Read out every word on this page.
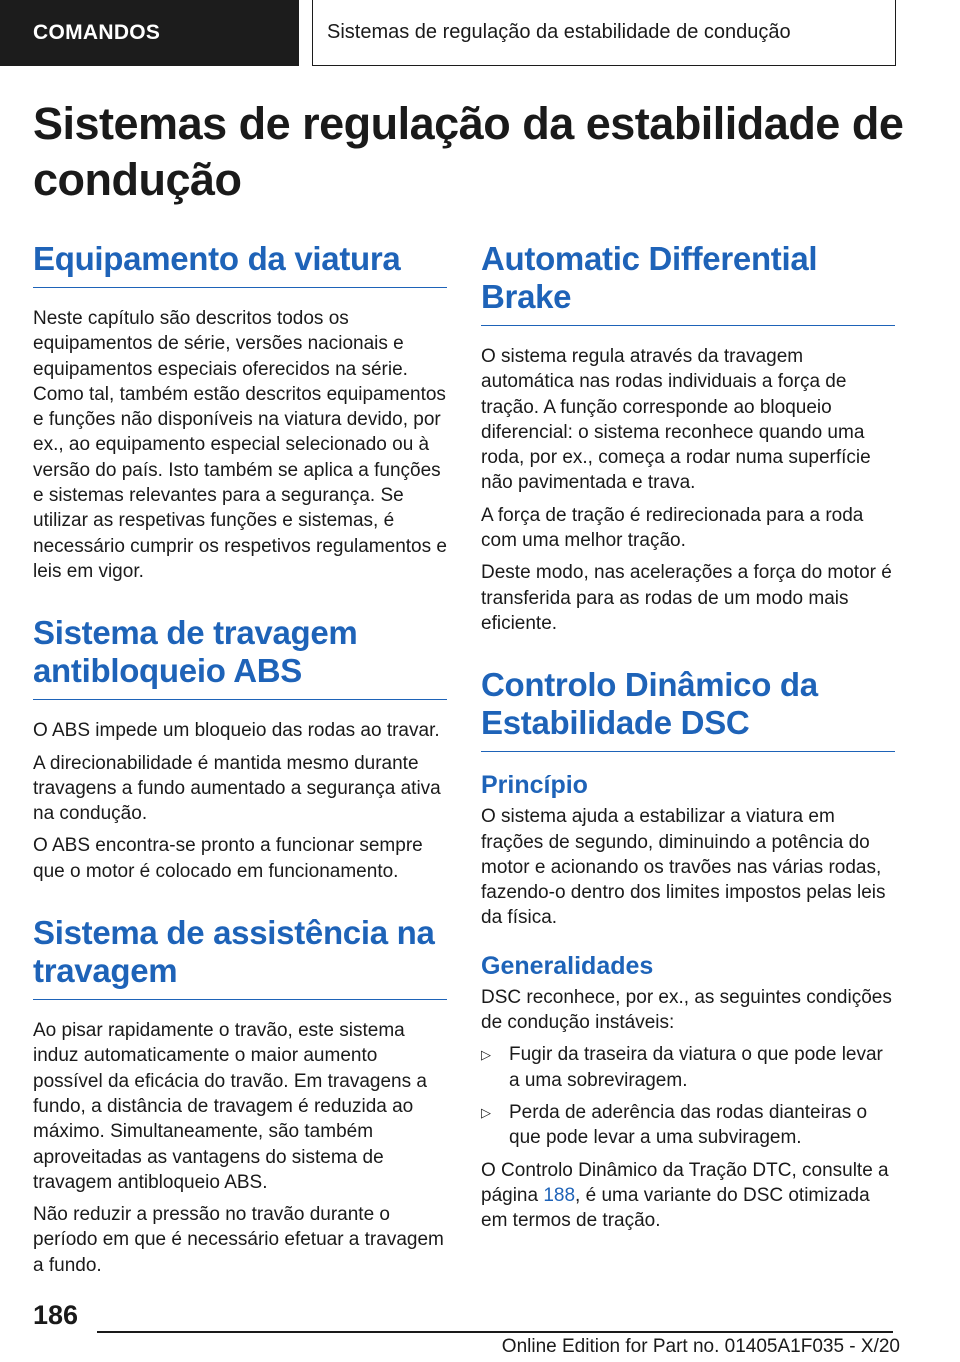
COMANDOS	Sistemas de regulação da estabilidade de condução
Sistemas de regulação da estabilidade de condução
Equipamento da viatura

Neste capítulo são descritos todos os equipamentos de série, versões nacionais e equipamentos especiais oferecidos na série. Como tal, também estão descritos equipamentos e funções não disponíveis na viatura devido, por ex., ao equipamento especial selecionado ou à versão do país. Isto também se aplica a funções e sistemas relevantes para a segurança. Se utilizar as respetivas funções e sistemas, é necessário cumprir os respetivos regulamentos e leis em vigor.

Sistema de travagem antibloqueio ABS

O ABS impede um bloqueio das rodas ao travar.

A direcionabilidade é mantida mesmo durante travagens a fundo aumentado a segurança ativa na condução.

O ABS encontra-se pronto a funcionar sempre que o motor é colocado em funcionamento.

Sistema de assistência na travagem

Ao pisar rapidamente o travão, este sistema induz automaticamente o maior aumento possível da eficácia do travão. Em travagens a fundo, a distância de travagem é reduzida ao máximo. Simultaneamente, são também aproveitadas as vantagens do sistema de travagem antibloqueio ABS.

Não reduzir a pressão no travão durante o período em que é necessário efetuar a travagem a fundo.

Automatic Differential Brake

O sistema regula através da travagem automática nas rodas individuais a força de tração. A função corresponde ao bloqueio diferencial: o sistema reconhece quando uma roda, por ex., começa a rodar numa superfície não pavimentada e trava.

A força de tração é redirecionada para a roda com uma melhor tração.

Deste modo, nas acelerações a força do motor é transferida para as rodas de um modo mais eficiente.

Controlo Dinâmico da Estabilidade DSC
Princípio

O sistema ajuda a estabilizar a viatura em frações de segundo, diminuindo a potência do motor e acionando os travões nas várias rodas, fazendo-o dentro dos limites impostos pelas leis da física.

Generalidades

DSC reconhece, por ex., as seguintes condições de condução instáveis:

▷ Fugir da traseira da viatura o que pode levar a uma sobreviragem.
▷ Perda de aderência das rodas dianteiras o que pode levar a uma subviragem.

O Controlo Dinâmico da Tração DTC, consulte a página 188, é uma variante do DSC otimizada em termos de tração.

186
Online Edition for Part no. 01405A1F035 - X/20
